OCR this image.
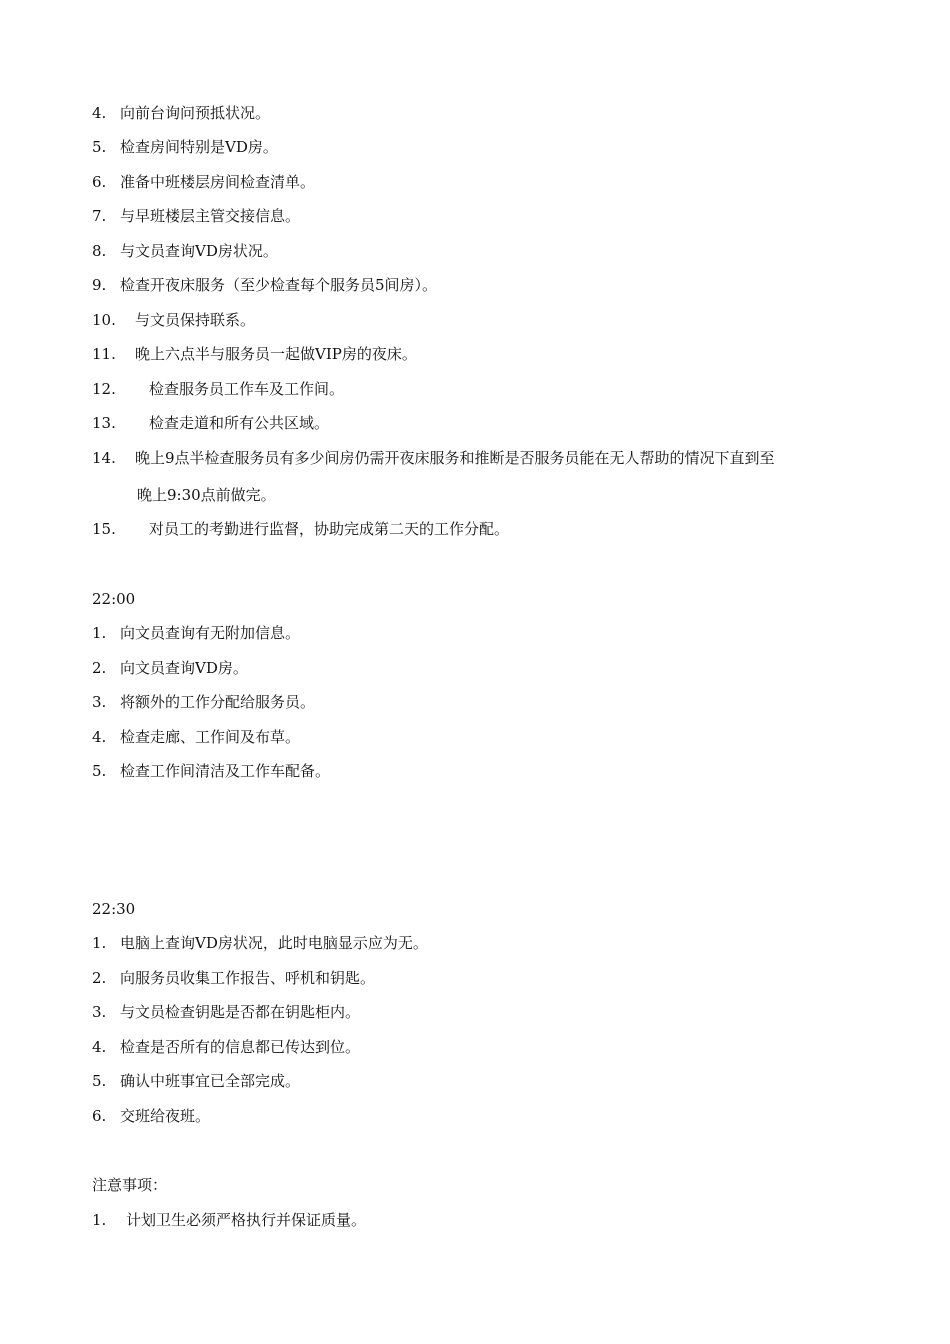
4. 向前台询问预抵状况。
5. 检查房间特别是VD房。
6. 准备中班楼层房间检查清单。
7. 与早班楼层主管交接信息。
8. 与文员查询VD房状况。
9. 检查开夜床服务（至少检查每个服务员5间房）。
10. 与文员保持联系。
11. 晚上六点半与服务员一起做VIP房的夜床。
12. 检查服务员工作车及工作间。
13. 检查走道和所有公共区域。
14. 晚上9点半检查服务员有多少间房仍需开夜床服务和推断是否服务员能在无人帮助的情况下直到至
晚上9:30点前做完。
15. 对员工的考勤进行监督，协助完成第二天的工作分配。
22:00
1. 向文员查询有无附加信息。
2. 向文员查询VD房。
3. 将额外的工作分配给服务员。
4. 检查走廊、工作间及布草。
5. 检查工作间清洁及工作车配备。
22:30
1. 电脑上查询VD房状况，此时电脑显示应为无。
2. 向服务员收集工作报告、呼机和钥匙。
3. 与文员检查钥匙是否都在钥匙柜内。
4. 检查是否所有的信息都已传达到位。
5. 确认中班事宜已全部完成。
6. 交班给夜班。
注意事项：
1. 计划卫生必须严格执行并保证质量。
